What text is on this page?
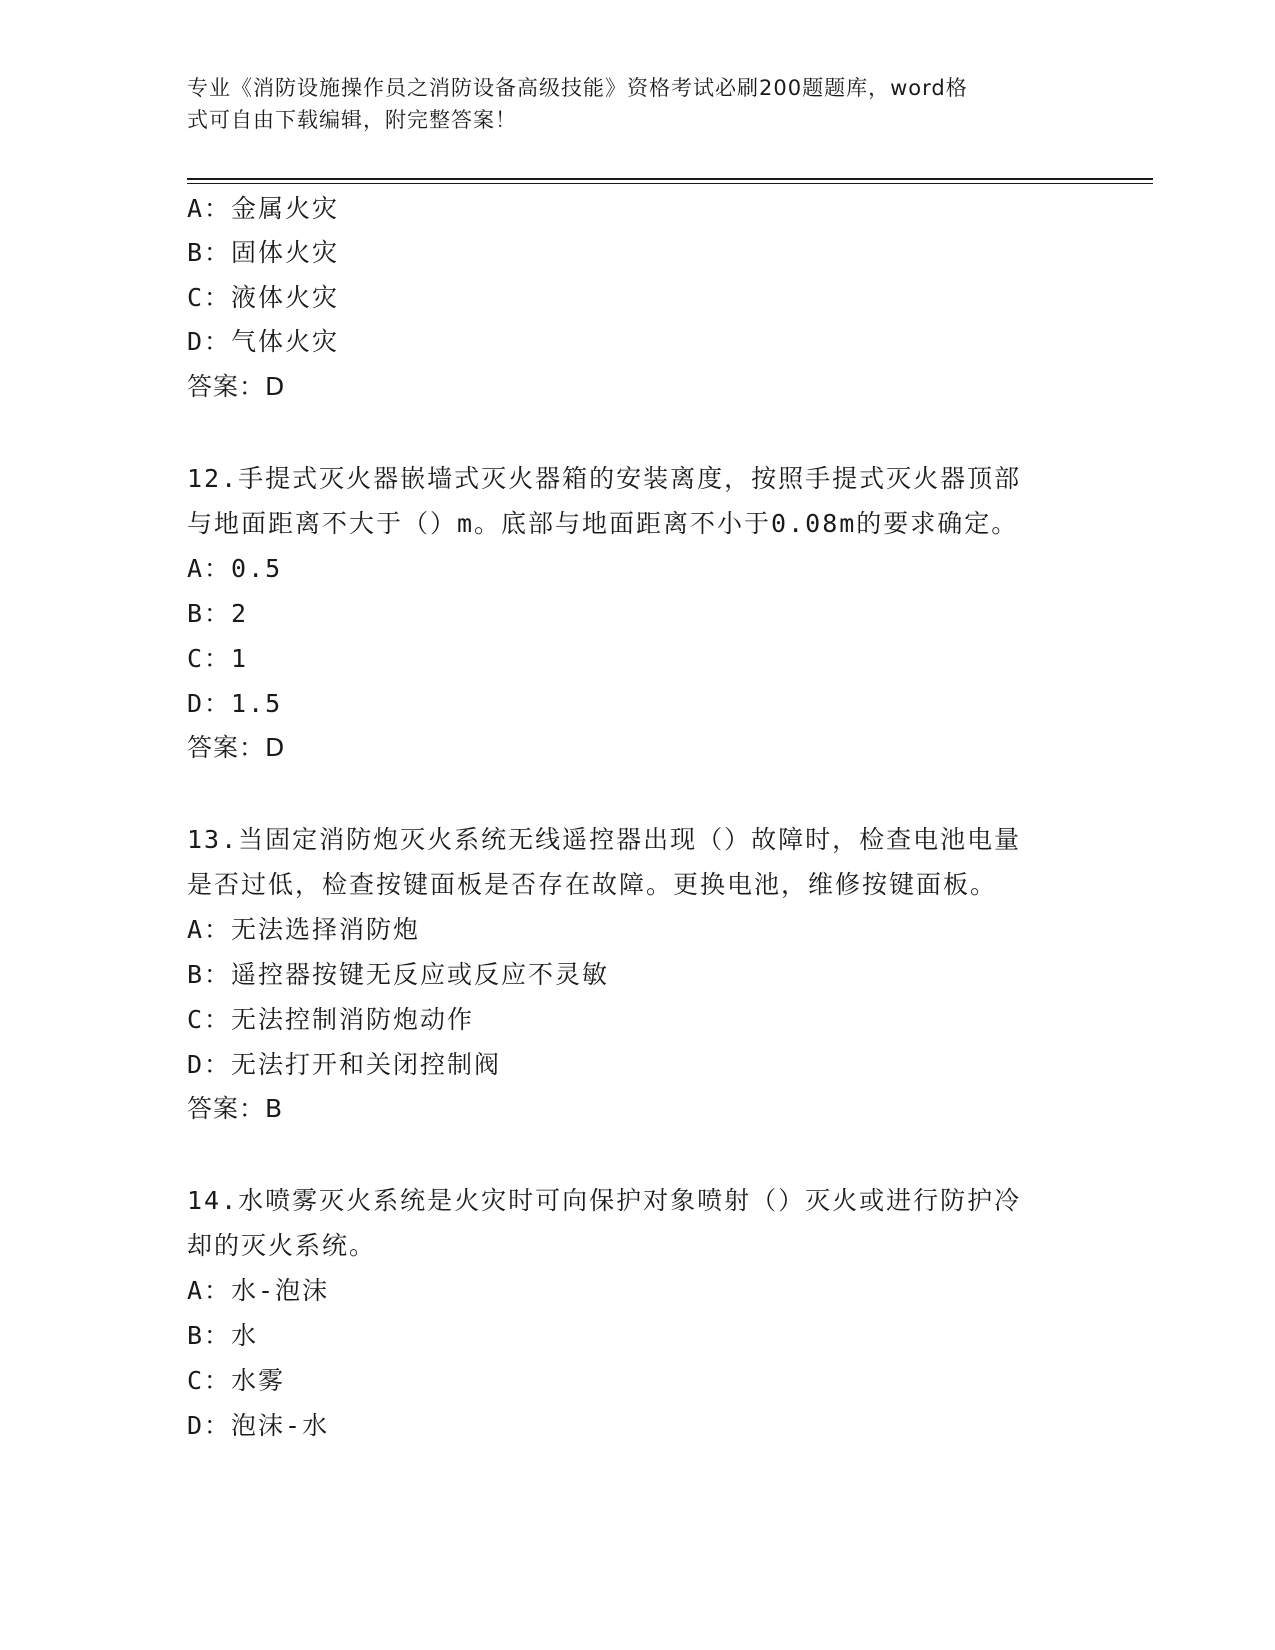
专业《消防设施操作员之消防设备高级技能》资格考试必刷200题题库，word格
式可自由下载编辑，附完整答案！
A：金属火灾
B：固体火灾
C：液体火灾
D：气体火灾
答案：D
12.手提式灭火器嵌墙式灭火器箱的安装离度，按照手提式灭火器顶部
与地面距离不大于（）m。底部与地面距离不小于0.08m的要求确定。
A：0.5
B：2
C：1
D：1.5
答案：D
13.当固定消防炮灭火系统无线遥控器出现（）故障时，检查电池电量
是否过低，检查按键面板是否存在故障。更换电池，维修按键面板。
A：无法选择消防炮
B：遥控器按键无反应或反应不灵敏
C：无法控制消防炮动作
D：无法打开和关闭控制阀
答案：B
14.水喷雾灭火系统是火灾时可向保护对象喷射（）灭火或进行防护冷
却的灭火系统。
A：水-泡沫
B：水
C：水雾
D：泡沫-水
